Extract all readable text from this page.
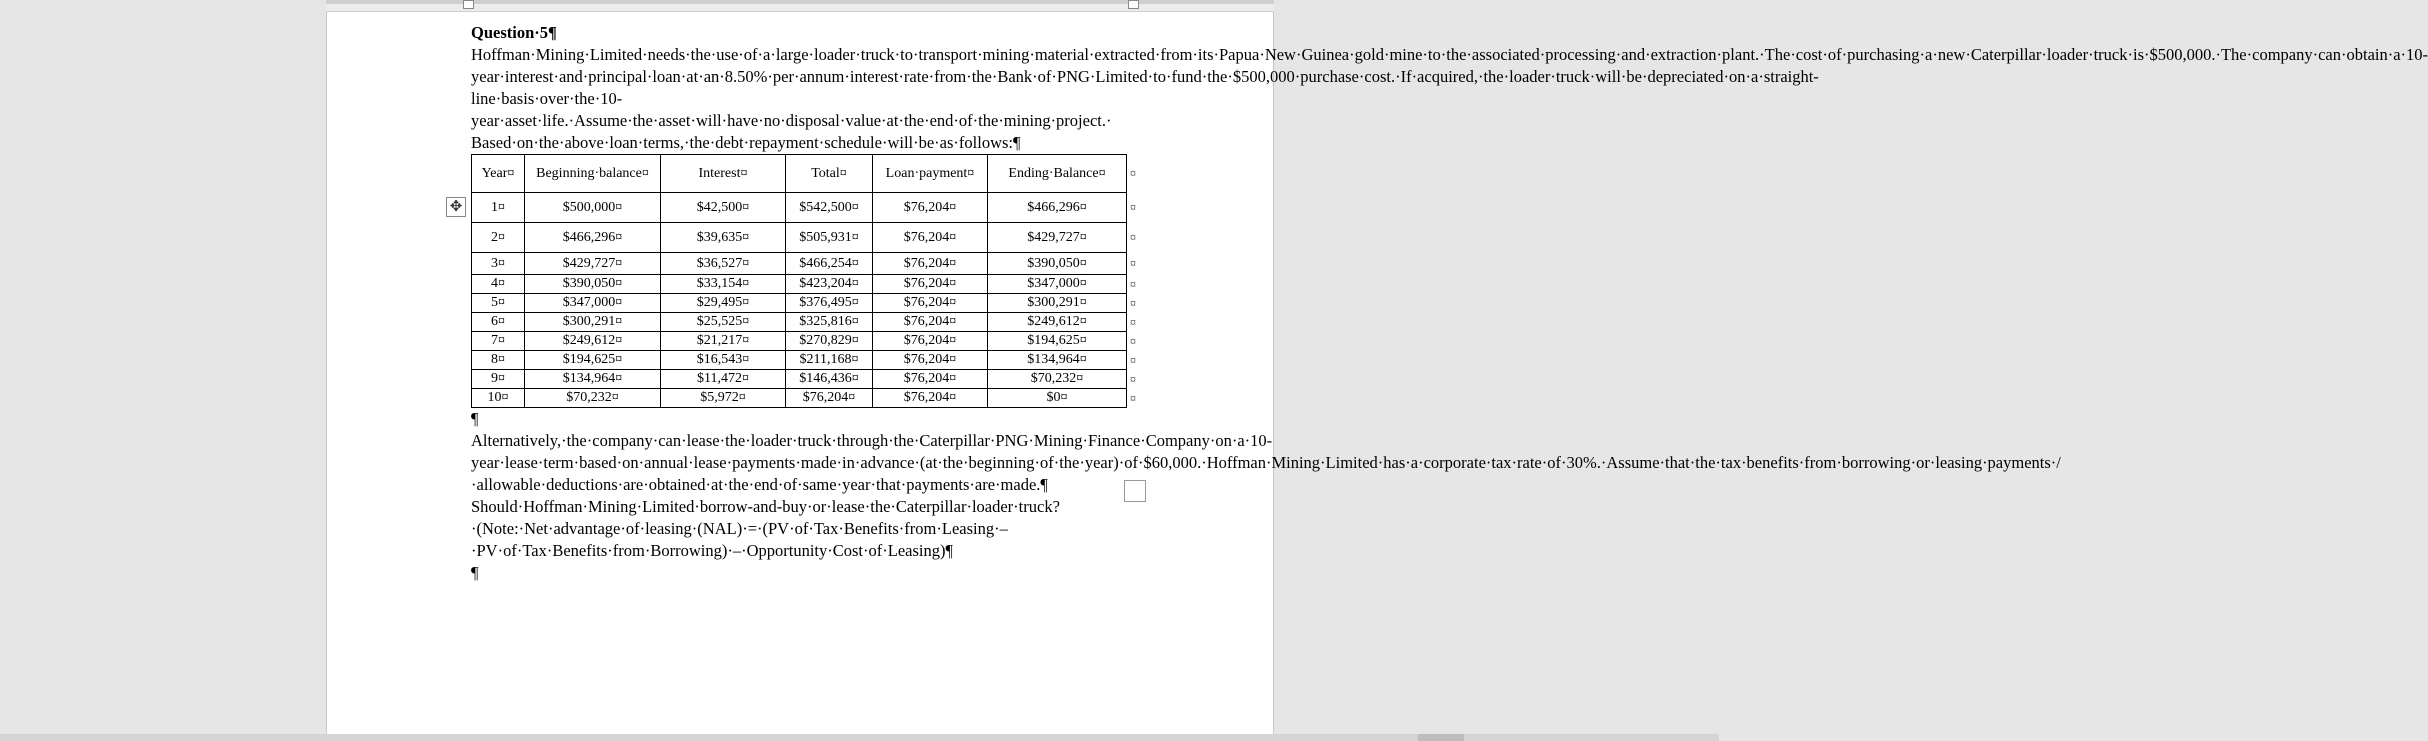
Question·5¶
Hoffman·Mining·Limited·needs·the·use·of·a·large·loader·truck·to·transport·mining·material·extracted·from·its·Papua·New·Guinea·gold·mine·to·the·associated·processing·and·extraction·plant.·The·cost·of·purchasing·a·new·Caterpillar·loader·truck·is·$500,000.·The·company·can·obtain·a·10-year·interest·and·principal·loan·at·an·8.50%·per·annum·interest·rate·from·the·Bank·of·PNG·Limited·to·fund·the·$500,000·purchase·cost.·If·acquired,·the·loader·truck·will·be·depreciated·on·a·straight-line·basis·over·the·10-year·asset·life.·Assume·the·asset·will·have·no·disposal·value·at·the·end·of·the·mining·project.·
Based·on·the·above·loan·terms,·the·debt·repayment·schedule·will·be·as·follows:¶
Year¤	Beginning·balance¤	Interest¤	Total¤	Loan·payment¤	Ending·Balance¤	¤
1¤	$500,000¤	$42,500¤	$542,500¤	$76,204¤	$466,296¤	¤
2¤	$466,296¤	$39,635¤	$505,931¤	$76,204¤	$429,727¤	¤
3¤	$429,727¤	$36,527¤	$466,254¤	$76,204¤	$390,050¤	¤
4¤	$390,050¤	$33,154¤	$423,204¤	$76,204¤	$347,000¤	¤
5¤	$347,000¤	$29,495¤	$376,495¤	$76,204¤	$300,291¤	¤
6¤	$300,291¤	$25,525¤	$325,816¤	$76,204¤	$249,612¤	¤
7¤	$249,612¤	$21,217¤	$270,829¤	$76,204¤	$194,625¤	¤
8¤	$194,625¤	$16,543¤	$211,168¤	$76,204¤	$134,964¤	¤
9¤	$134,964¤	$11,472¤	$146,436¤	$76,204¤	$70,232¤	¤
10¤	$70,232¤	$5,972¤	$76,204¤	$76,204¤	$0¤	¤
¶
Alternatively,·the·company·can·lease·the·loader·truck·through·the·Caterpillar·PNG·Mining·Finance·Company·on·a·10-year·lease·term·based·on·annual·lease·payments·made·in·advance·(at·the·beginning·of·the·year)·of·$60,000.·Hoffman·Mining·Limited·has·a·corporate·tax·rate·of·30%.·Assume·that·the·tax·benefits·from·borrowing·or·leasing·payments·/·allowable·deductions·are·obtained·at·the·end·of·same·year·that·payments·are·made.¶
Should·Hoffman·Mining·Limited·borrow-and-buy·or·lease·the·Caterpillar·loader·truck?·(Note:·Net·advantage·of·leasing·(NAL)·=·(PV·of·Tax·Benefits·from·Leasing·–·PV·of·Tax·Benefits·from·Borrowing)·–·Opportunity·Cost·of·Leasing)¶
¶
✥
